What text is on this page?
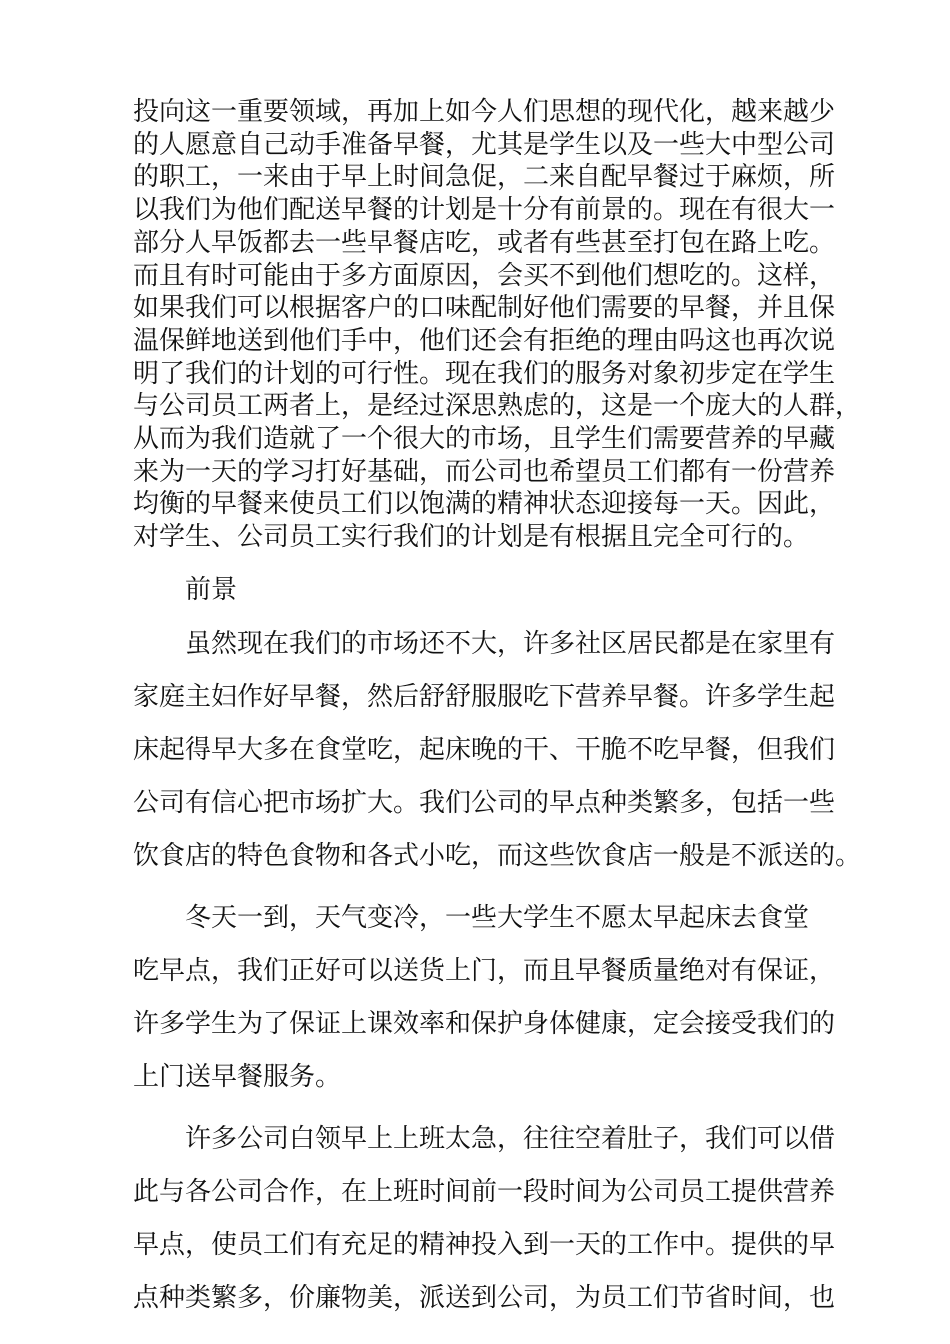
投向这一重要领域，再加上如今人们思想的现代化，越来越少
的人愿意自己动手准备早餐，尤其是学生以及一些大中型公司
的职工，一来由于早上时间急促，二来自配早餐过于麻烦，所
以我们为他们配送早餐的计划是十分有前景的。现在有很大一
部分人早饭都去一些早餐店吃，或者有些甚至打包在路上吃。
而且有时可能由于多方面原因，会买不到他们想吃的。这样，
如果我们可以根据客户的口味配制好他们需要的早餐，并且保
温保鲜地送到他们手中，他们还会有拒绝的理由吗这也再次说
明了我们的计划的可行性。现在我们的服务对象初步定在学生
与公司员工两者上，是经过深思熟虑的，这是一个庞大的人群，
从而为我们造就了一个很大的市场，且学生们需要营养的早藏
来为一天的学习打好基础，而公司也希望员工们都有一份营养
均衡的早餐来使员工们以饱满的精神状态迎接每一天。因此，
对学生、公司员工实行我们的计划是有根据且完全可行的。

前景

虽然现在我们的市场还不大，许多社区居民都是在家里有
家庭主妇作好早餐，然后舒舒服服吃下营养早餐。许多学生起
床起得早大多在食堂吃，起床晚的干、干脆不吃早餐，但我们
公司有信心把市场扩大。我们公司的早点种类繁多，包括一些
饮食店的特色食物和各式小吃，而这些饮食店一般是不派送的。

冬天一到，天气变冷，一些大学生不愿太早起床去食堂
吃早点，我们正好可以送货上门，而且早餐质量绝对有保证，
许多学生为了保证上课效率和保护身体健康，定会接受我们的
上门送早餐服务。

许多公司白领早上上班太急，往往空着肚子，我们可以借
此与各公司合作，在上班时间前一段时间为公司员工提供营养
早点，使员工们有充足的精神投入到一天的工作中。提供的早
点种类繁多，价廉物美，派送到公司，为员工们节省时间，也
